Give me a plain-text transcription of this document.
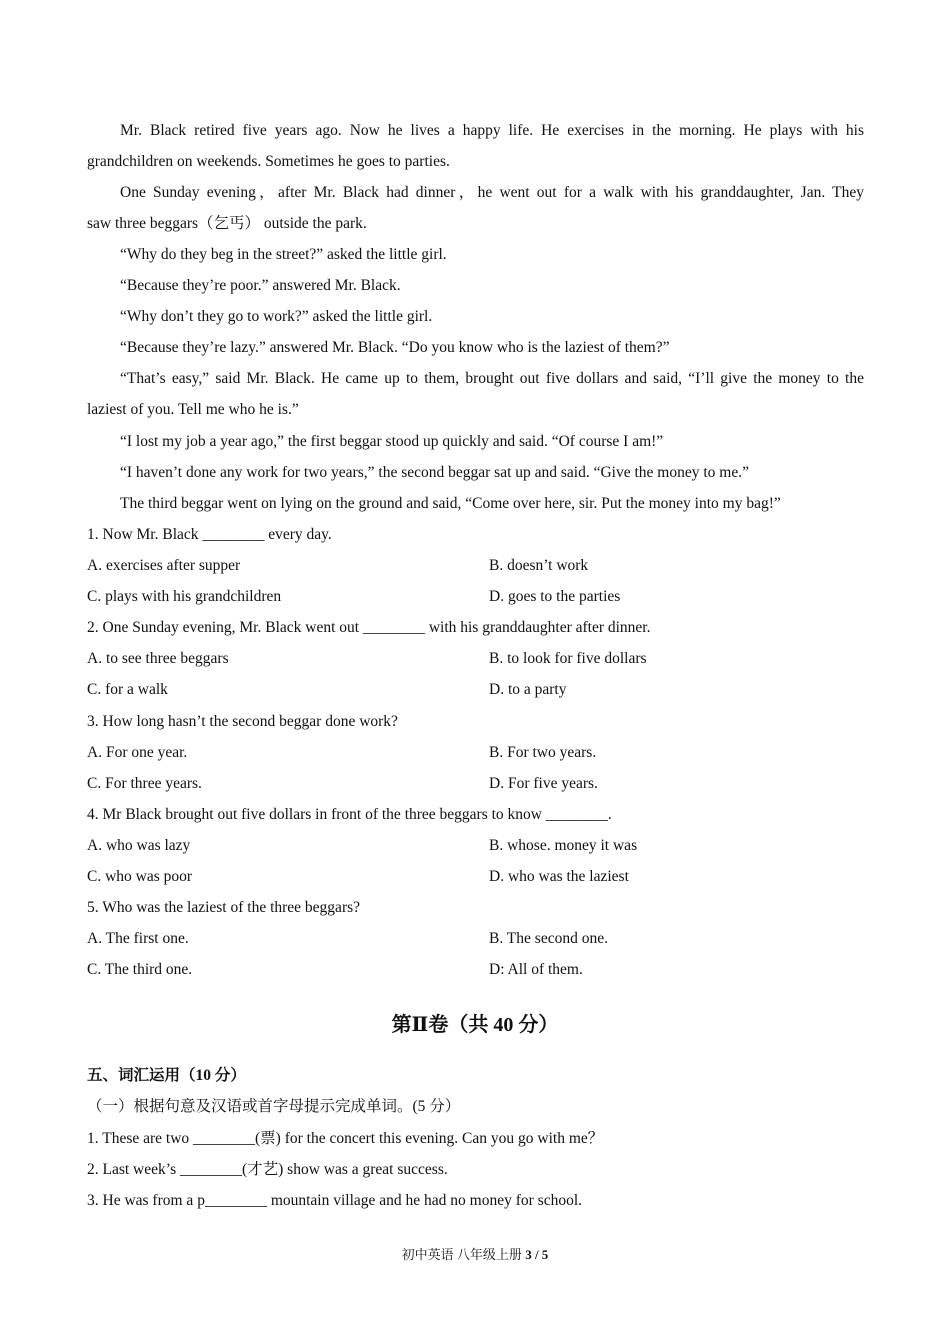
Mr. Black retired five years ago. Now he lives a happy life. He exercises in the morning. He plays with his
grandchildren on weekends. Sometimes he goes to parties.
One Sunday evening，after Mr. Black had dinner，he went out for a walk with his granddaughter, Jan. They
saw three beggars（乞丐） outside the park.
“Why do they beg in the street?” asked the little girl.
“Because they’re poor.” answered Mr. Black.
“Why don’t they go to work?” asked the little girl.
“Because they’re lazy.” answered Mr. Black. “Do you know who is the laziest of them?”
“That’s easy,” said Mr. Black. He came up to them, brought out five dollars and said, “I’ll give the money to the
laziest of you. Tell me who he is.”
“I lost my job a year ago,” the first beggar stood up quickly and said. “Of course I am!”
“I haven’t done any work for two years,” the second beggar sat up and said. “Give the money to me.”
The third beggar went on lying on the ground and said, “Come over here, sir. Put the money into my bag!”
1. Now Mr. Black ________ every day.
A. exercises after supper	B. doesn’t work
C. plays with his grandchildren	D. goes to the parties
2. One Sunday evening, Mr. Black went out ________ with his granddaughter after dinner.
A. to see three beggars	B. to look for five dollars
C. for a walk	D. to a party
3. How long hasn’t the second beggar done work?
A. For one year.	B. For two years.
C. For three years.	D. For five years.
4. Mr Black brought out five dollars in front of the three beggars to know ________.
A. who was lazy	B. whose. money it was
C. who was poor	D. who was the laziest
5. Who was the laziest of the three beggars?
A. The first one.	B. The second one.
C. The third one.	D: All of them.
第Ⅱ卷（共 40 分）
五、词汇运用（10 分）
（一）根据句意及汉语或首字母提示完成单词。(5 分）
1. These are two ________(票) for the concert this evening. Can you go with me？
2. Last week’s ________(才艺) show was a great success.
3. He was from a p________ mountain village and he had no money for school.
初中英语 八年级上册 3 / 5
